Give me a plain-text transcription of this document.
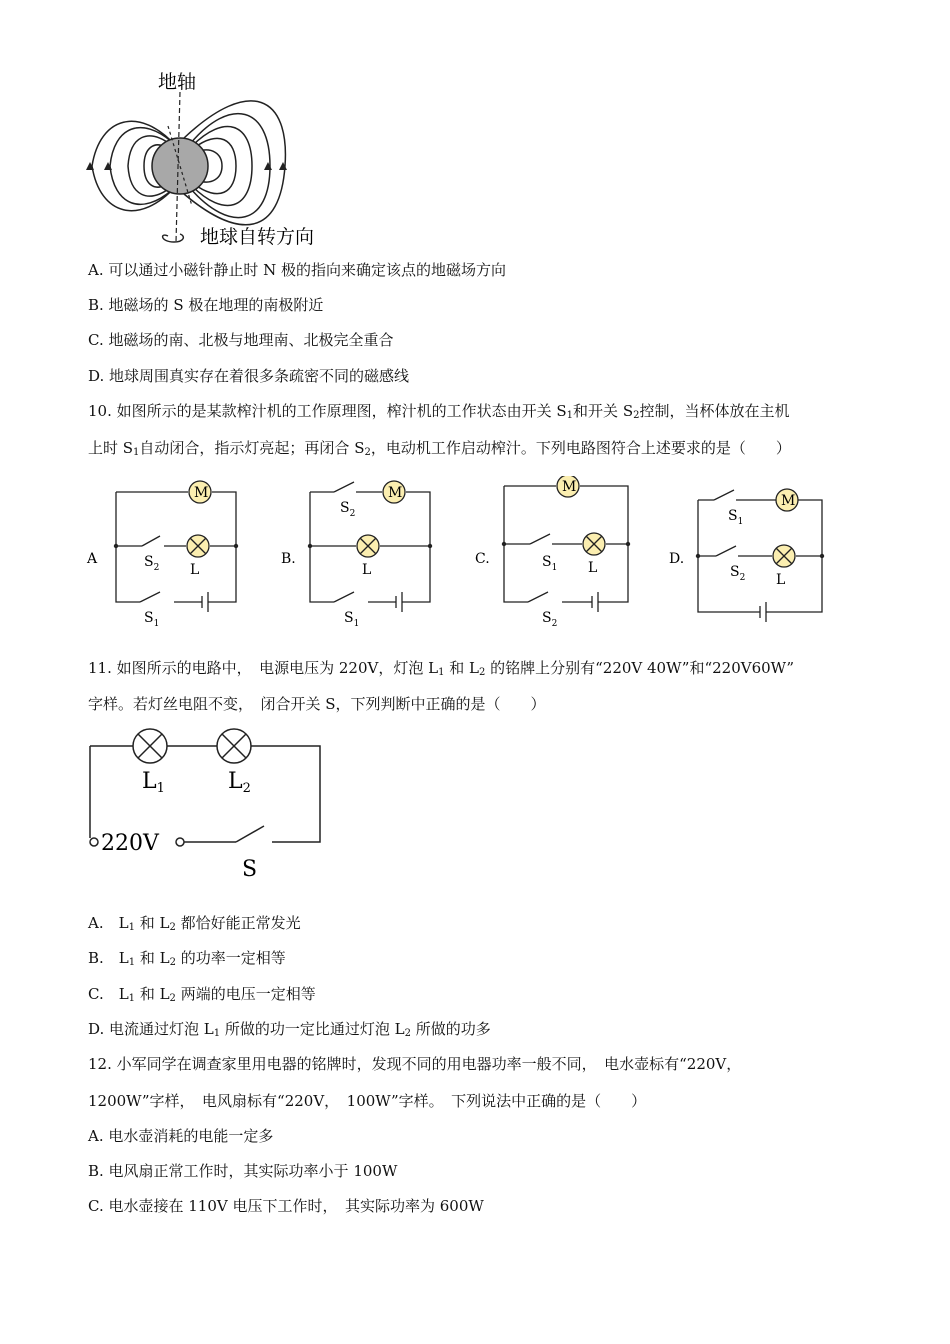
地轴
地球自转方向
A. 可以通过小磁针静止时 N 极的指向来确定该点的地磁场方向
B. 地磁场的 S 极在地理的南极附近
C. 地磁场的南、北极与地理南、北极完全重合
D. 地球周围真实存在着很多条疏密不同的磁感线
10. 如图所示的是某款榨汁机的工作原理图，榨汁机的工作状态由开关 $S_1$和开关 $S_2$控制，当杯体放在主机
上时 $S_1$自动闭合，指示灯亮起；再闭合 $S_2$，电动机工作启动榨汁。下列电路图符合上述要求的是（　　）
M
A
L
$S_2$
$S_1$
M
B.
L
$S_2$
$S_1$
M
C.
L
$S_1$
$S_2$
M
D.
L
$S_1$
$S_2$
11. 如图所示的电路中，　电源电压为 220V，灯泡 $L_1$ 和 $L_2$ 的铭牌上分别有“220V 40W”和“220V60W”
字样。若灯丝电阻不变，　闭合开关 S，下列判断中正确的是（　　）
L1	L2
220V
S
A.　$L_1$ 和 $L_2$ 都恰好能正常发光
B.　$L_1$ 和 $L_2$ 的功率一定相等
C.　$L_1$ 和 $L_2$ 两端的电压一定相等
D. 电流通过灯泡 $L_1$ 所做的功一定比通过灯泡 $L_2$ 所做的功多
12. 小军同学在调查家里用电器的铭牌时，发现不同的用电器功率一般不同，　电水壶标有“220V，
1200W”字样，　电风扇标有“220V，　100W”字样。　下列说法中正确的是（　　）
A. 电水壶消耗的电能一定多
B. 电风扇正常工作时，其实际功率小于 100W
C. 电水壶接在 110V 电压下工作时，　其实际功率为 600W
